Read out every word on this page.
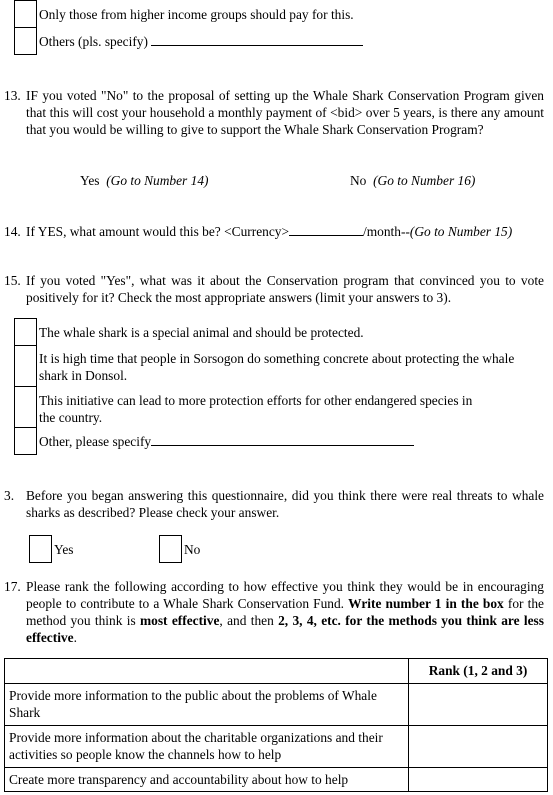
Only those from higher income groups should pay for this.
Others (pls. specify)
13. IF you voted "No" to the proposal of setting up the Whale Shark Conservation Program given that this will cost your household a monthly payment of <bid> over 5 years, is there any amount that you would be willing to give to support the Whale Shark Conservation Program?
Yes (Go to Number 14)	No (Go to Number 16)
14. If YES, what amount would this be? <Currency>	/month--(Go to Number 15)
15. If you voted "Yes", what was it about the Conservation program that convinced you to vote positively for it? Check the most appropriate answers (limit your answers to 3).
The whale shark is a special animal and should be protected.
It is high time that people in Sorsogon do something concrete about protecting the whale shark in Donsol.
This initiative can lead to more protection efforts for other endangered species in the country.
Other, please specify
3. Before you began answering this questionnaire, did you think there were real threats to whale sharks as described? Please check your answer.
Yes	No
17. Please rank the following according to how effective you think they would be in encouraging people to contribute to a Whale Shark Conservation Fund. Write number 1 in the box for the method you think is most effective, and then 2, 3, 4, etc. for the methods you think are less effective.
	Rank (1, 2 and 3)
Provide more information to the public about the problems of Whale Shark	
Provide more information about the charitable organizations and their activities so people know the channels how to help	
Create more transparency and accountability about how to help	
